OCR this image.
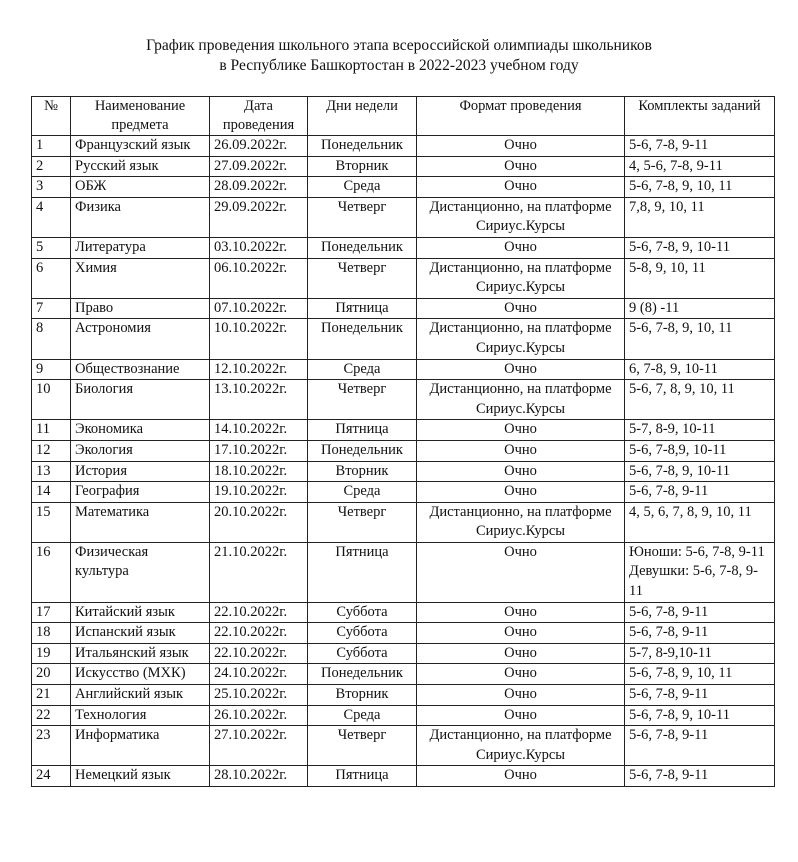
График проведения школьного этапа всероссийской олимпиады школьников
в Республике Башкортостан в 2022-2023 учебном году
№	Наименование предмета	Дата проведения	Дни недели	Формат проведения	Комплекты заданий
1	Французский язык	26.09.2022г.	Понедельник	Очно	5-6, 7-8, 9-11
2	Русский язык	27.09.2022г.	Вторник	Очно	4, 5-6, 7-8, 9-11
3	ОБЖ	28.09.2022г.	Среда	Очно	5-6, 7-8, 9, 10, 11
4	Физика	29.09.2022г.	Четверг	Дистанционно, на платформе Сириус.Курсы	7,8, 9, 10, 11
5	Литература	03.10.2022г.	Понедельник	Очно	5-6, 7-8, 9, 10-11
6	Химия	06.10.2022г.	Четверг	Дистанционно, на платформе Сириус.Курсы	5-8, 9, 10, 11
7	Право	07.10.2022г.	Пятница	Очно	9 (8) -11
8	Астрономия	10.10.2022г.	Понедельник	Дистанционно, на платформе Сириус.Курсы	5-6, 7-8, 9, 10, 11
9	Обществознание	12.10.2022г.	Среда	Очно	6, 7-8, 9, 10-11
10	Биология	13.10.2022г.	Четверг	Дистанционно, на платформе Сириус.Курсы	5-6, 7, 8, 9, 10, 11
11	Экономика	14.10.2022г.	Пятница	Очно	5-7, 8-9, 10-11
12	Экология	17.10.2022г.	Понедельник	Очно	5-6, 7-8,9, 10-11
13	История	18.10.2022г.	Вторник	Очно	5-6, 7-8, 9, 10-11
14	География	19.10.2022г.	Среда	Очно	5-6, 7-8, 9-11
15	Математика	20.10.2022г.	Четверг	Дистанционно, на платформе Сириус.Курсы	4, 5, 6, 7, 8, 9, 10, 11
16	Физическая культура	21.10.2022г.	Пятница	Очно	Юноши: 5-6, 7-8, 9-11 Девушки: 5-6, 7-8, 9-11
17	Китайский язык	22.10.2022г.	Суббота	Очно	5-6, 7-8, 9-11
18	Испанский язык	22.10.2022г.	Суббота	Очно	5-6, 7-8, 9-11
19	Итальянский язык	22.10.2022г.	Суббота	Очно	5-7, 8-9,10-11
20	Искусство (МХК)	24.10.2022г.	Понедельник	Очно	5-6, 7-8, 9, 10, 11
21	Английский язык	25.10.2022г.	Вторник	Очно	5-6, 7-8, 9-11
22	Технология	26.10.2022г.	Среда	Очно	5-6, 7-8, 9, 10-11
23	Информатика	27.10.2022г.	Четверг	Дистанционно, на платформе Сириус.Курсы	5-6, 7-8, 9-11
24	Немецкий язык	28.10.2022г.	Пятница	Очно	5-6, 7-8, 9-11
